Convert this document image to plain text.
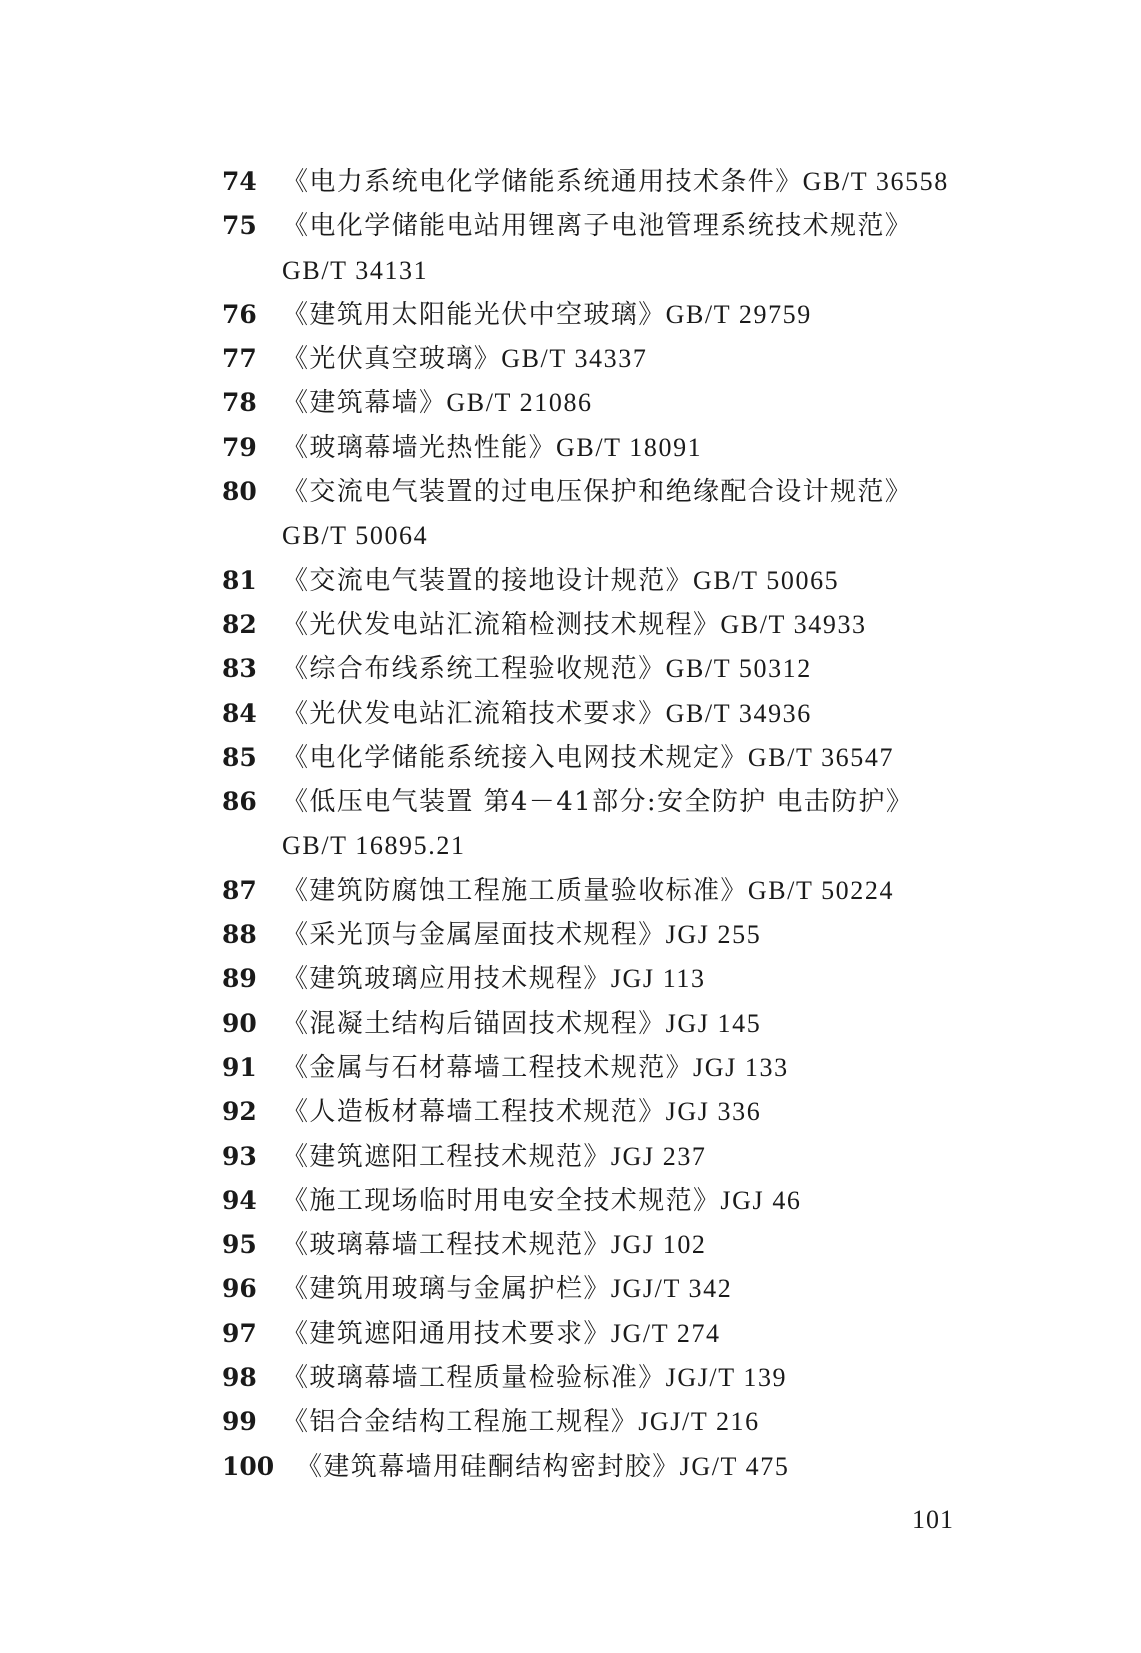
74 《电力系统电化学储能系统通用技术条件》GB/T 36558
75 《电化学储能电站用锂离子电池管理系统技术规范》
GB/T 34131
76 《建筑用太阳能光伏中空玻璃》GB/T 29759
77 《光伏真空玻璃》GB/T 34337
78 《建筑幕墙》GB/T 21086
79 《玻璃幕墙光热性能》GB/T 18091
80 《交流电气装置的过电压保护和绝缘配合设计规范》
GB/T 50064
81 《交流电气装置的接地设计规范》GB/T 50065
82 《光伏发电站汇流箱检测技术规程》GB/T 34933
83 《综合布线系统工程验收规范》GB/T 50312
84 《光伏发电站汇流箱技术要求》GB/T 34936
85 《电化学储能系统接入电网技术规定》GB/T 36547
86 《低压电气装置 第4－41部分:安全防护 电击防护》
GB/T 16895.21
87 《建筑防腐蚀工程施工质量验收标准》GB/T 50224
88 《采光顶与金属屋面技术规程》JGJ 255
89 《建筑玻璃应用技术规程》JGJ 113
90 《混凝土结构后锚固技术规程》JGJ 145
91 《金属与石材幕墙工程技术规范》JGJ 133
92 《人造板材幕墙工程技术规范》JGJ 336
93 《建筑遮阳工程技术规范》JGJ 237
94 《施工现场临时用电安全技术规范》JGJ 46
95 《玻璃幕墙工程技术规范》JGJ 102
96 《建筑用玻璃与金属护栏》JGJ/T 342
97 《建筑遮阳通用技术要求》JG/T 274
98 《玻璃幕墙工程质量检验标准》JGJ/T 139
99 《铝合金结构工程施工规程》JGJ/T 216
100 《建筑幕墙用硅酮结构密封胶》JG/T 475
101
